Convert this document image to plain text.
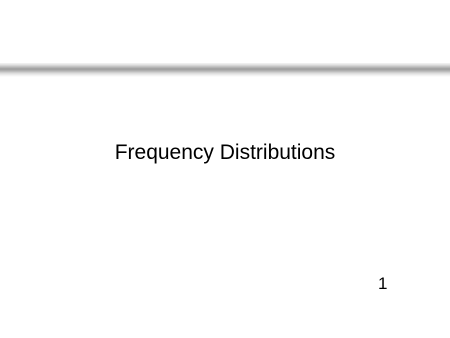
Frequency Distributions
1
